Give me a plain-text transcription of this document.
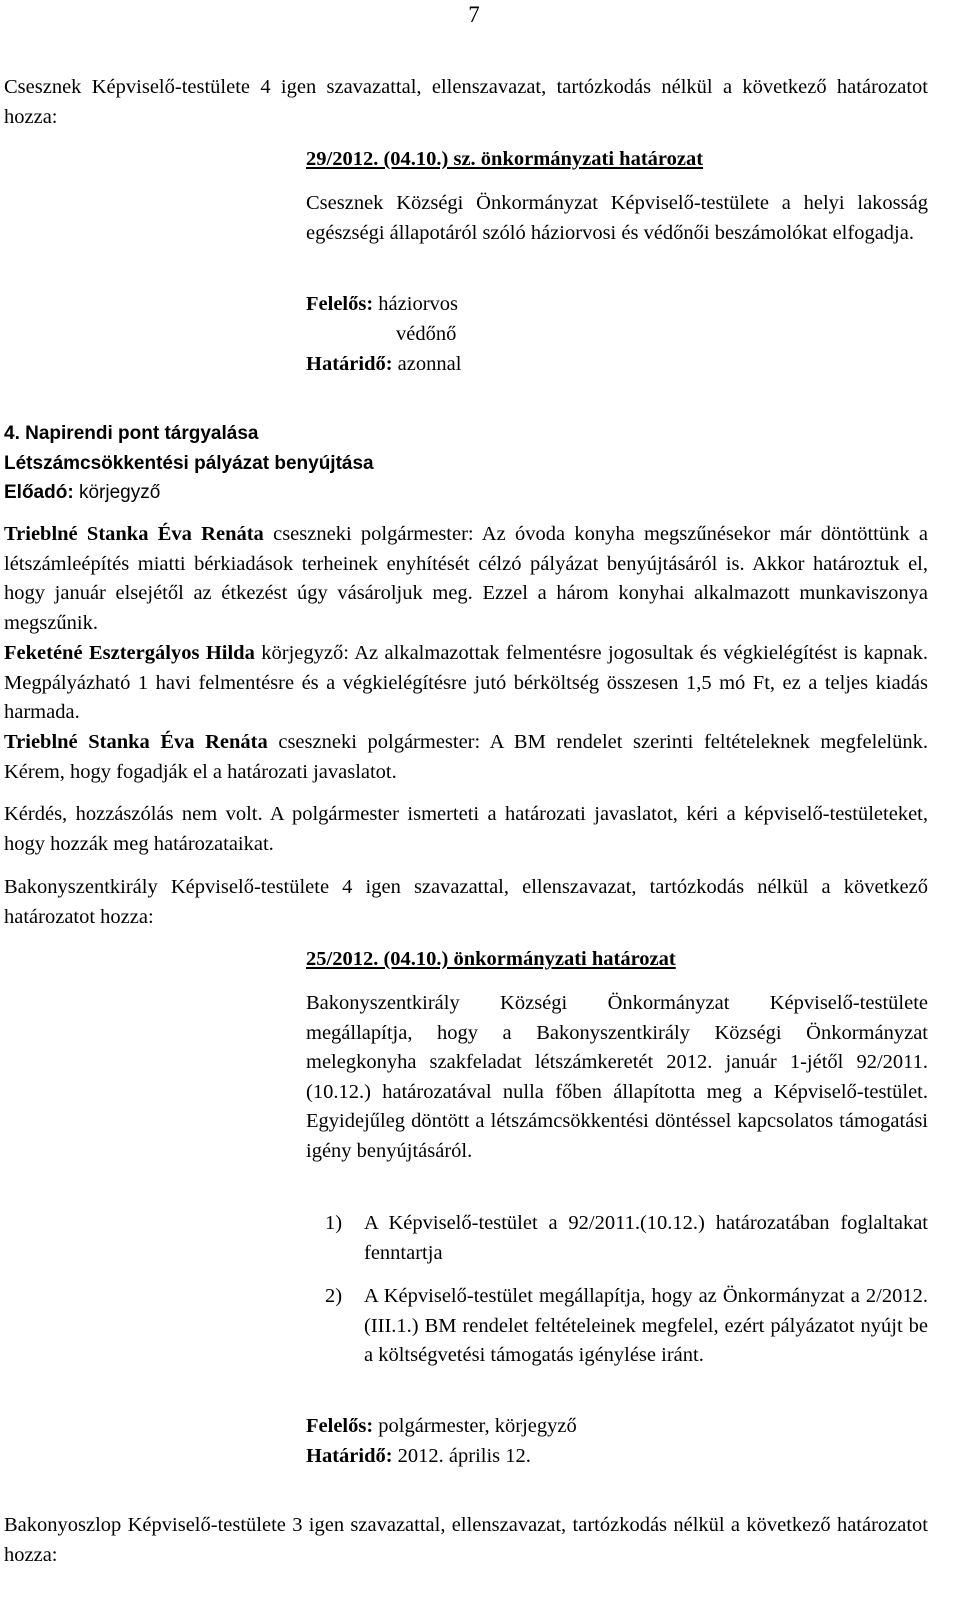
7

Csesznek Képviselő-testülete 4 igen szavazattal, ellenszavazat, tartózkodás nélkül a következő határozatot hozza:

29/2012. (04.10.) sz. önkormányzati határozat

Csesznek Községi Önkormányzat Képviselő-testülete a helyi lakosság egészségi állapotáról szóló háziorvosi és védőnői beszámolókat elfogadja.

Felelős: háziorvos

védőnő

Határidő: azonnal

4. Napirendi pont tárgyalása
Létszámcsökkentési pályázat benyújtása
Előadó: körjegyző

Trieblné Stanka Éva Renáta cseszneki polgármester: Az óvoda konyha megszűnésekor már döntöttünk a létszámleépítés miatti bérkiadások terheinek enyhítését célzó pályázat benyújtásáról is. Akkor határoztuk el, hogy január elsejétől az étkezést úgy vásároljuk meg. Ezzel a három konyhai alkalmazott munkaviszonya megszűnik.

Feketéné Esztergályos Hilda körjegyző: Az alkalmazottak felmentésre jogosultak és végkielégítést is kapnak. Megpályázható 1 havi felmentésre és a végkielégítésre jutó bérköltség összesen 1,5 mó Ft, ez a teljes kiadás harmada.

Trieblné Stanka Éva Renáta cseszneki polgármester: A BM rendelet szerinti feltételeknek megfelelünk. Kérem, hogy fogadják el a határozati javaslatot.

Kérdés, hozzászólás nem volt. A polgármester ismerteti a határozati javaslatot, kéri a képviselő-testületeket, hogy hozzák meg határozataikat.

Bakonyszentkirály Képviselő-testülete 4 igen szavazattal, ellenszavazat, tartózkodás nélkül a következő határozatot hozza:

25/2012. (04.10.) önkormányzati határozat

Bakonyszentkirály Községi Önkormányzat Képviselő-testülete megállapítja, hogy a Bakonyszentkirály Községi Önkormányzat melegkonyha szakfeladat létszámkeretét 2012. január 1-jétől 92/2011. (10.12.) határozatával nulla főben állapította meg a Képviselő-testület. Egyidejűleg döntött a létszámcsökkentési döntéssel kapcsolatos támogatási igény benyújtásáról.

1)	A Képviselő-testület a 92/2011.(10.12.) határozatában foglaltakat fenntartja

2)	A Képviselő-testület megállapítja, hogy az Önkormányzat a 2/2012.(III.1.) BM rendelet feltételeinek megfelel, ezért pályázatot nyújt be a költségvetési támogatás igénylése iránt.

Felelős: polgármester, körjegyző

Határidő: 2012. április 12.

Bakonyoszlop Képviselő-testülete 3 igen szavazattal, ellenszavazat, tartózkodás nélkül a következő határozatot hozza:
